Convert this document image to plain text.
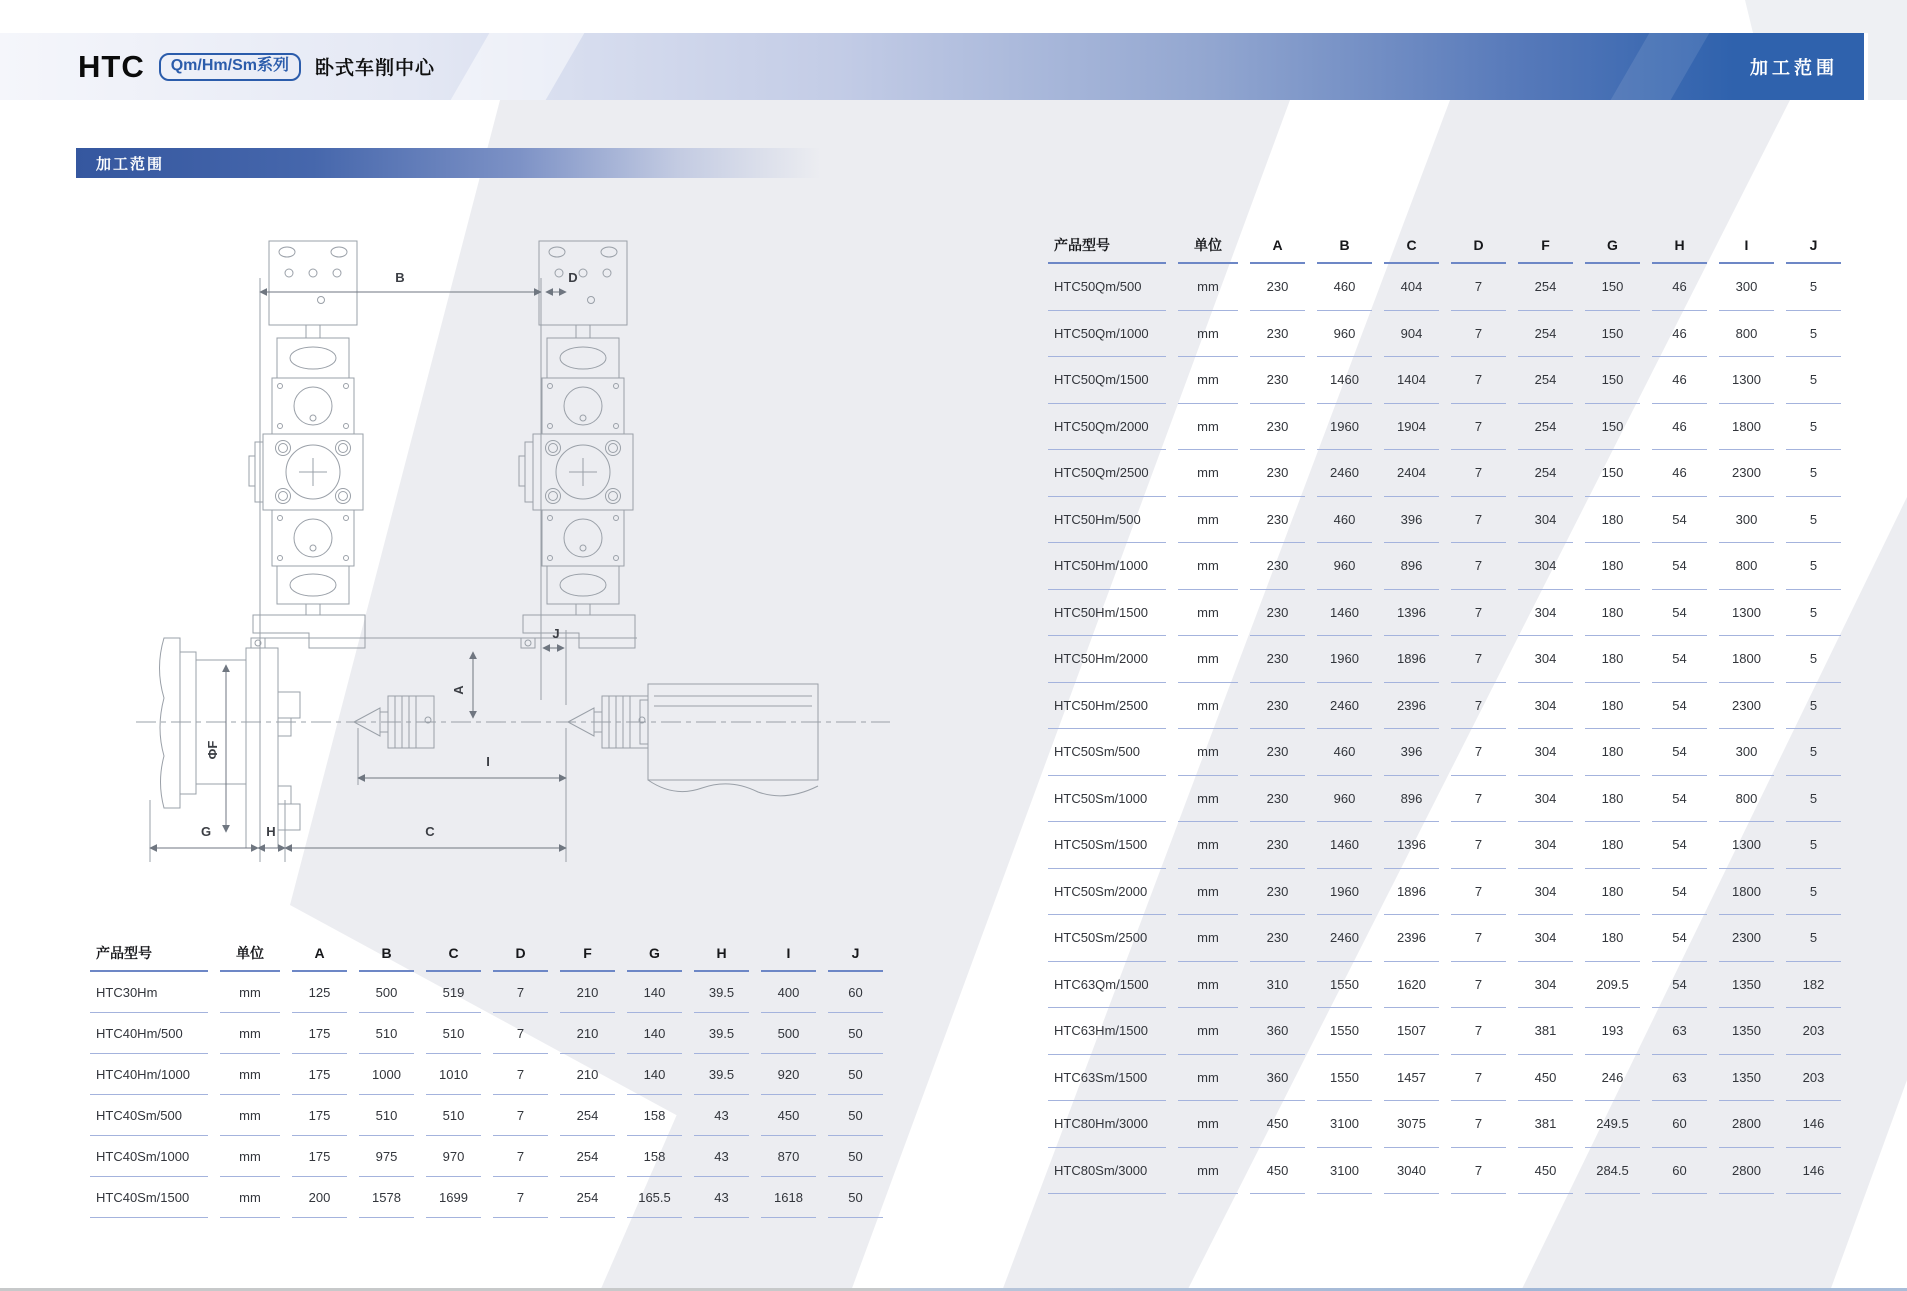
HTC	Qm/Hm/Sm系列	卧式车削中心	加工范围
加工范围
B	D
A
J
I
C
G	H
ΦF
产品型号	单位	A	B	C	D	F	G	H	I	J
HTC30Hm	mm	125	500	519	7	210	140	39.5	400	60
HTC40Hm/500	mm	175	510	510	7	210	140	39.5	500	50
HTC40Hm/1000	mm	175	1000	1010	7	210	140	39.5	920	50
HTC40Sm/500	mm	175	510	510	7	254	158	43	450	50
HTC40Sm/1000	mm	175	975	970	7	254	158	43	870	50
HTC40Sm/1500	mm	200	1578	1699	7	254	165.5	43	1618	50
产品型号	单位	A	B	C	D	F	G	H	I	J
HTC50Qm/500	mm	230	460	404	7	254	150	46	300	5
HTC50Qm/1000	mm	230	960	904	7	254	150	46	800	5
HTC50Qm/1500	mm	230	1460	1404	7	254	150	46	1300	5
HTC50Qm/2000	mm	230	1960	1904	7	254	150	46	1800	5
HTC50Qm/2500	mm	230	2460	2404	7	254	150	46	2300	5
HTC50Hm/500	mm	230	460	396	7	304	180	54	300	5
HTC50Hm/1000	mm	230	960	896	7	304	180	54	800	5
HTC50Hm/1500	mm	230	1460	1396	7	304	180	54	1300	5
HTC50Hm/2000	mm	230	1960	1896	7	304	180	54	1800	5
HTC50Hm/2500	mm	230	2460	2396	7	304	180	54	2300	5
HTC50Sm/500	mm	230	460	396	7	304	180	54	300	5
HTC50Sm/1000	mm	230	960	896	7	304	180	54	800	5
HTC50Sm/1500	mm	230	1460	1396	7	304	180	54	1300	5
HTC50Sm/2000	mm	230	1960	1896	7	304	180	54	1800	5
HTC50Sm/2500	mm	230	2460	2396	7	304	180	54	2300	5
HTC63Qm/1500	mm	310	1550	1620	7	304	209.5	54	1350	182
HTC63Hm/1500	mm	360	1550	1507	7	381	193	63	1350	203
HTC63Sm/1500	mm	360	1550	1457	7	450	246	63	1350	203
HTC80Hm/3000	mm	450	3100	3075	7	381	249.5	60	2800	146
HTC80Sm/3000	mm	450	3100	3040	7	450	284.5	60	2800	146
